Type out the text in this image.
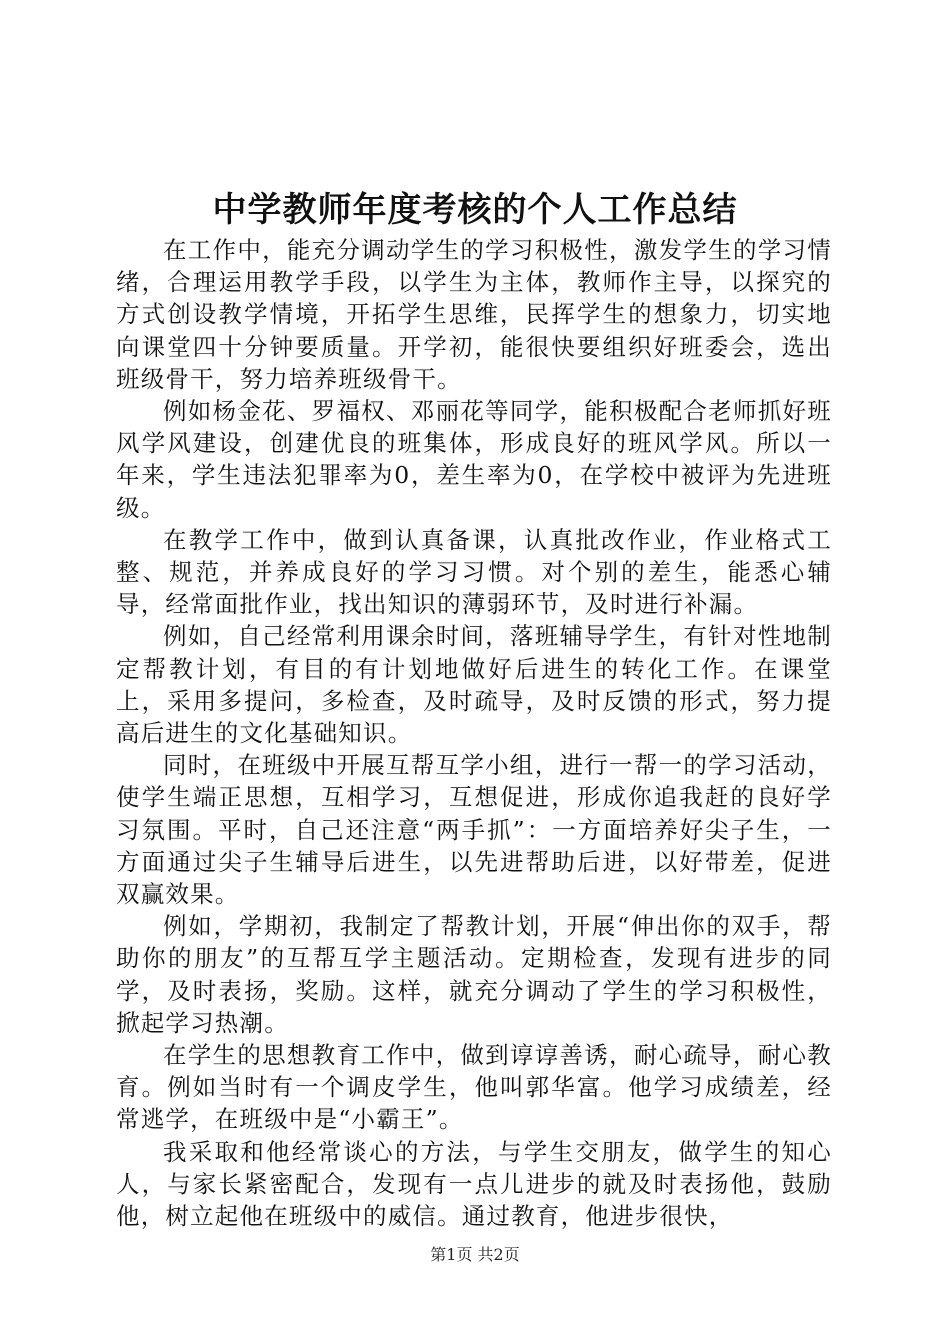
中学教师年度考核的个人工作总结

在工作中，能充分调动学生的学习积极性，激发学生的学习情绪，合理运用教学手段，以学生为主体，教师作主导，以探究的方式创设教学情境，开拓学生思维，民挥学生的想象力，切实地向课堂四十分钟要质量。开学初，能很快要组织好班委会，选出班级骨干，努力培养班级骨干。

例如杨金花、罗福权、邓丽花等同学，能积极配合老师抓好班风学风建设，创建优良的班集体，形成良好的班风学风。所以一年来，学生违法犯罪率为0，差生率为0，在学校中被评为先进班级。

在教学工作中，做到认真备课，认真批改作业，作业格式工整、规范，并养成良好的学习习惯。对个别的差生，能悉心辅导，经常面批作业，找出知识的薄弱环节，及时进行补漏。

例如，自己经常利用课余时间，落班辅导学生，有针对性地制定帮教计划，有目的有计划地做好后进生的转化工作。在课堂上，采用多提问，多检查，及时疏导，及时反馈的形式，努力提高后进生的文化基础知识。

同时，在班级中开展互帮互学小组，进行一帮一的学习活动，使学生端正思想，互相学习，互想促进，形成你追我赶的良好学习氛围。平时，自己还注意“两手抓”：一方面培养好尖子生，一方面通过尖子生辅导后进生，以先进帮助后进，以好带差，促进双赢效果。

例如，学期初，我制定了帮教计划，开展“伸出你的双手，帮助你的朋友”的互帮互学主题活动。定期检查，发现有进步的同学，及时表扬，奖励。这样，就充分调动了学生的学习积极性，掀起学习热潮。

在学生的思想教育工作中，做到谆谆善诱，耐心疏导，耐心教育。例如当时有一个调皮学生，他叫郭华富。他学习成绩差，经常逃学，在班级中是“小霸王”。

我采取和他经常谈心的方法，与学生交朋友，做学生的知心人，与家长紧密配合，发现有一点儿进步的就及时表扬他，鼓励他，树立起他在班级中的威信。通过教育，他进步很快，

第1页 共2页
